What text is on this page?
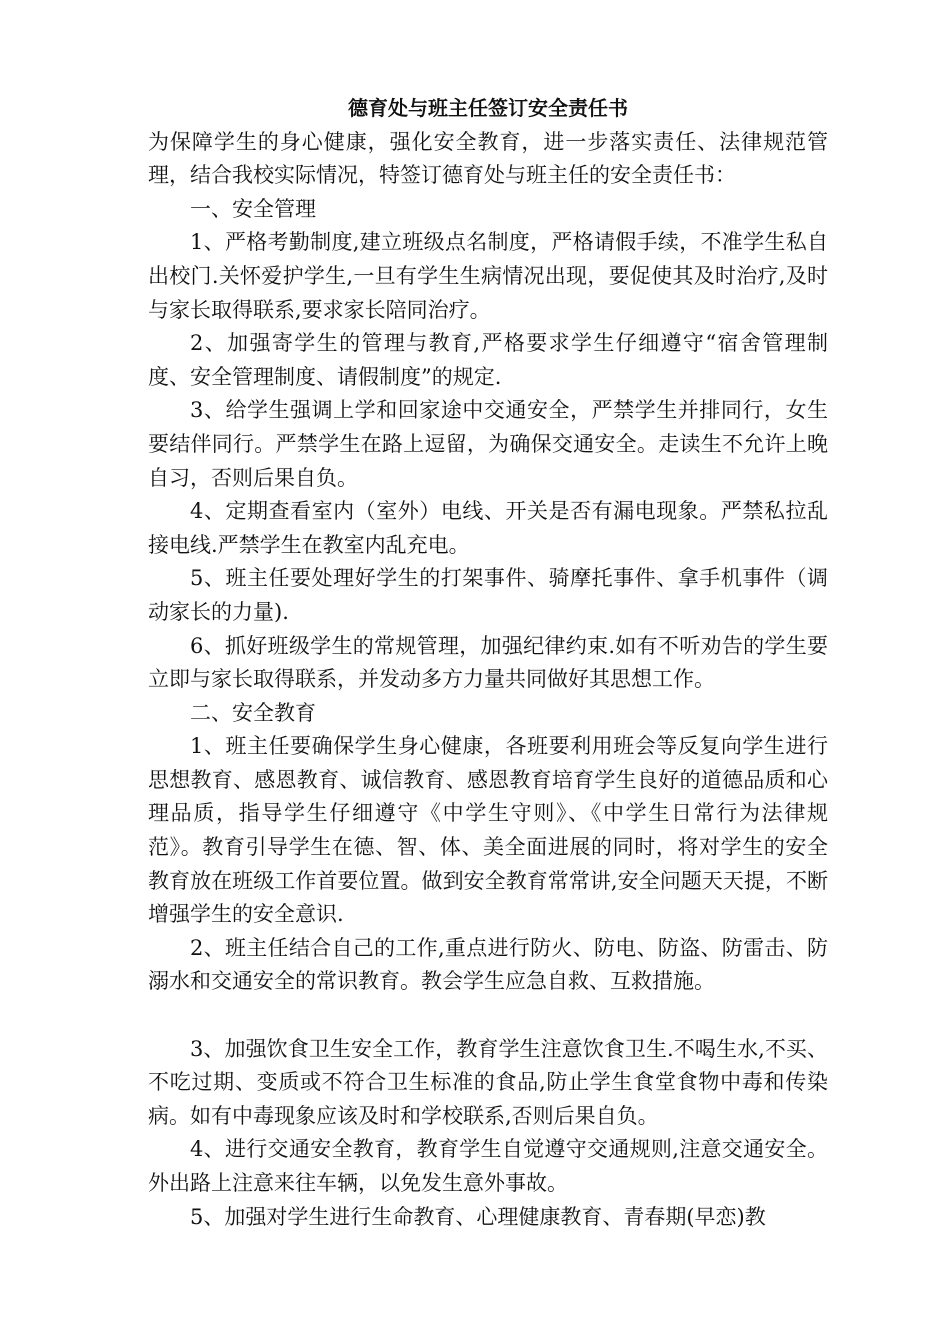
德育处与班主任签订安全责任书

为保障学生的身心健康，强化安全教育，进一步落实责任、法律规范管理，结合我校实际情况，特签订德育处与班主任的安全责任书：

一、安全管理

1、严格考勤制度,建立班级点名制度，严格请假手续，不准学生私自出校门.关怀爱护学生,一旦有学生生病情况出现，要促使其及时治疗,及时与家长取得联系,要求家长陪同治疗。

2、加强寄学生的管理与教育,严格要求学生仔细遵守“宿舍管理制度、安全管理制度、请假制度”的规定.

3、给学生强调上学和回家途中交通安全，严禁学生并排同行，女生要结伴同行。严禁学生在路上逗留，为确保交通安全。走读生不允许上晚自习，否则后果自负。

4、定期查看室内（室外）电线、开关是否有漏电现象。严禁私拉乱接电线.严禁学生在教室内乱充电。

5、班主任要处理好学生的打架事件、骑摩托事件、拿手机事件（调动家长的力量).

6、抓好班级学生的常规管理，加强纪律约束.如有不听劝告的学生要立即与家长取得联系，并发动多方力量共同做好其思想工作。

二、安全教育

1、班主任要确保学生身心健康，各班要利用班会等反复向学生进行思想教育、感恩教育、诚信教育、感恩教育培育学生良好的道德品质和心理品质，指导学生仔细遵守《中学生守则》、《中学生日常行为法律规范》。教育引导学生在德、智、体、美全面进展的同时，将对学生的安全教育放在班级工作首要位置。做到安全教育常常讲,安全问题天天提，不断增强学生的安全意识.

2、班主任结合自己的工作,重点进行防火、防电、防盗、防雷击、防溺水和交通安全的常识教育。教会学生应急自救、互救措施。

3、加强饮食卫生安全工作，教育学生注意饮食卫生.不喝生水,不买、不吃过期、变质或不符合卫生标准的食品,防止学生食堂食物中毒和传染病。如有中毒现象应该及时和学校联系,否则后果自负。

4、进行交通安全教育，教育学生自觉遵守交通规则,注意交通安全。外出路上注意来往车辆，以免发生意外事故。

5、加强对学生进行生命教育、心理健康教育、青春期(早恋)教
